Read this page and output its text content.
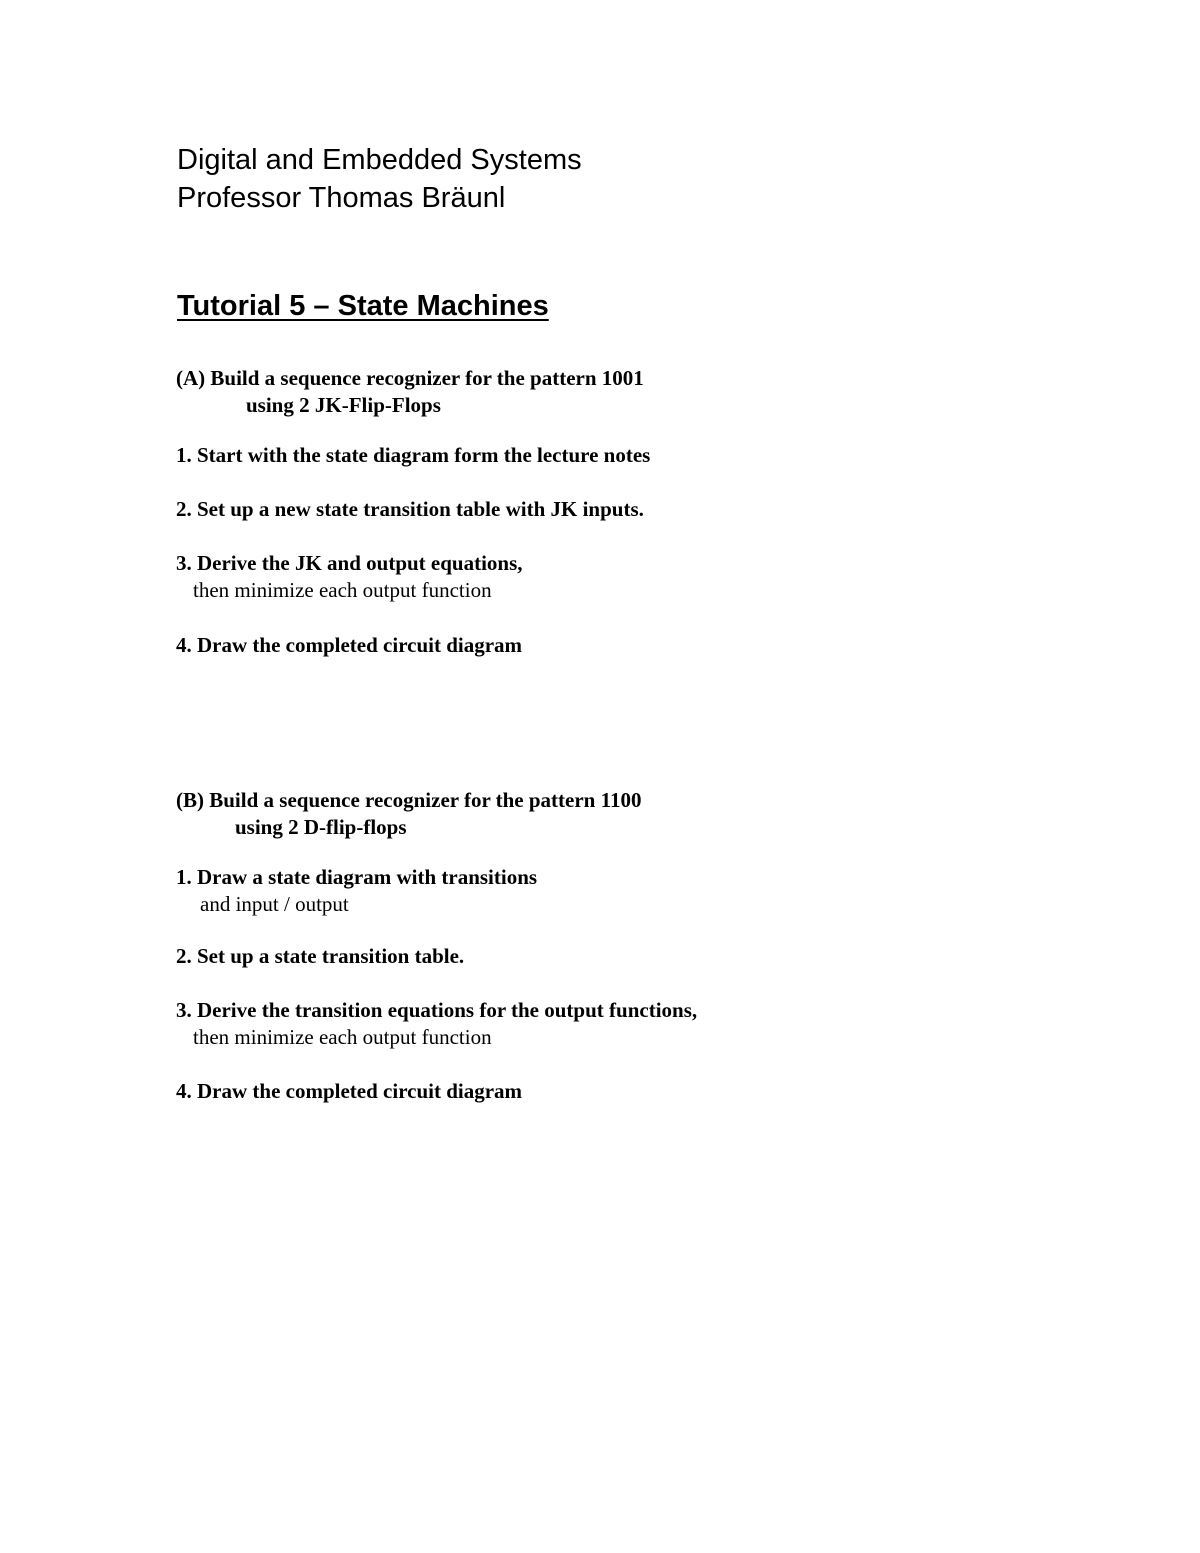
Digital and Embedded Systems
Professor Thomas Bräunl
Tutorial 5 – State Machines
(A) Build a sequence recognizer for the pattern 1001
using 2 JK-Flip-Flops
1. Start with the state diagram form the lecture notes
2. Set up a new state transition table with JK inputs.
3. Derive the JK and output equations,
then minimize each output function
4. Draw the completed circuit diagram
(B) Build a sequence recognizer for the pattern 1100
using 2 D-flip-flops
1. Draw a state diagram with transitions
and input / output
2. Set up a state transition table.
3. Derive the transition equations for the output functions,
then minimize each output function
4. Draw the completed circuit diagram
